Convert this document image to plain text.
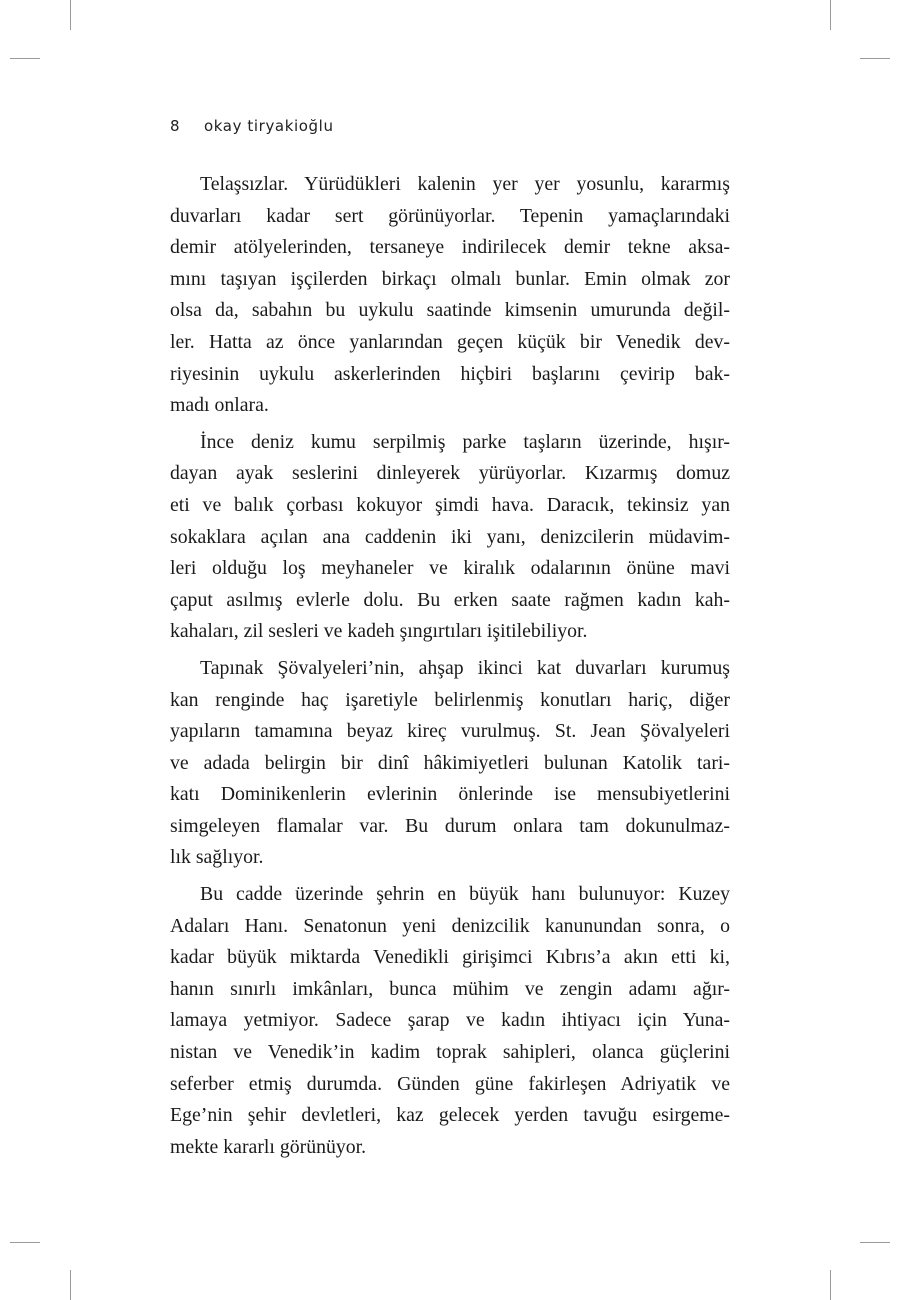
8 okay tiryakioğlu

Telaşsızlar. Yürüdükleri kalenin yer yer yosunlu, kararmış
duvarları kadar sert görünüyorlar. Tepenin yamaçlarındaki
demir atölyelerinden, tersaneye indirilecek demir tekne aksa-
mını taşıyan işçilerden birkaçı olmalı bunlar. Emin olmak zor
olsa da, sabahın bu uykulu saatinde kimsenin umurunda değil-
ler. Hatta az önce yanlarından geçen küçük bir Venedik dev-
riyesinin uykulu askerlerinden hiçbiri başlarını çevirip bak-
madı onlara.

İnce deniz kumu serpilmiş parke taşların üzerinde, hışır-
dayan ayak seslerini dinleyerek yürüyorlar. Kızarmış domuz
eti ve balık çorbası kokuyor şimdi hava. Daracık, tekinsiz yan
sokaklara açılan ana caddenin iki yanı, denizcilerin müdavim-
leri olduğu loş meyhaneler ve kiralık odalarının önüne mavi
çaput asılmış evlerle dolu. Bu erken saate rağmen kadın kah-
kahaları, zil sesleri ve kadeh şıngırtıları işitilebiliyor.

Tapınak Şövalyeleri’nin, ahşap ikinci kat duvarları kurumuş
kan renginde haç işaretiyle belirlenmiş konutları hariç, diğer
yapıların tamamına beyaz kireç vurulmuş. St. Jean Şövalyeleri
ve adada belirgin bir dinî hâkimiyetleri bulunan Katolik tari-
katı Dominikenlerin evlerinin önlerinde ise mensubiyetlerini
simgeleyen flamalar var. Bu durum onlara tam dokunulmaz-
lık sağlıyor.

Bu cadde üzerinde şehrin en büyük hanı bulunuyor: Kuzey
Adaları Hanı. Senatonun yeni denizcilik kanunundan sonra, o
kadar büyük miktarda Venedikli girişimci Kıbrıs’a akın etti ki,
hanın sınırlı imkânları, bunca mühim ve zengin adamı ağır-
lamaya yetmiyor. Sadece şarap ve kadın ihtiyacı için Yuna-
nistan ve Venedik’in kadim toprak sahipleri, olanca güçlerini
seferber etmiş durumda. Günden güne fakirleşen Adriyatik ve
Ege’nin şehir devletleri, kaz gelecek yerden tavuğu esirgeme-
mekte kararlı görünüyor.
